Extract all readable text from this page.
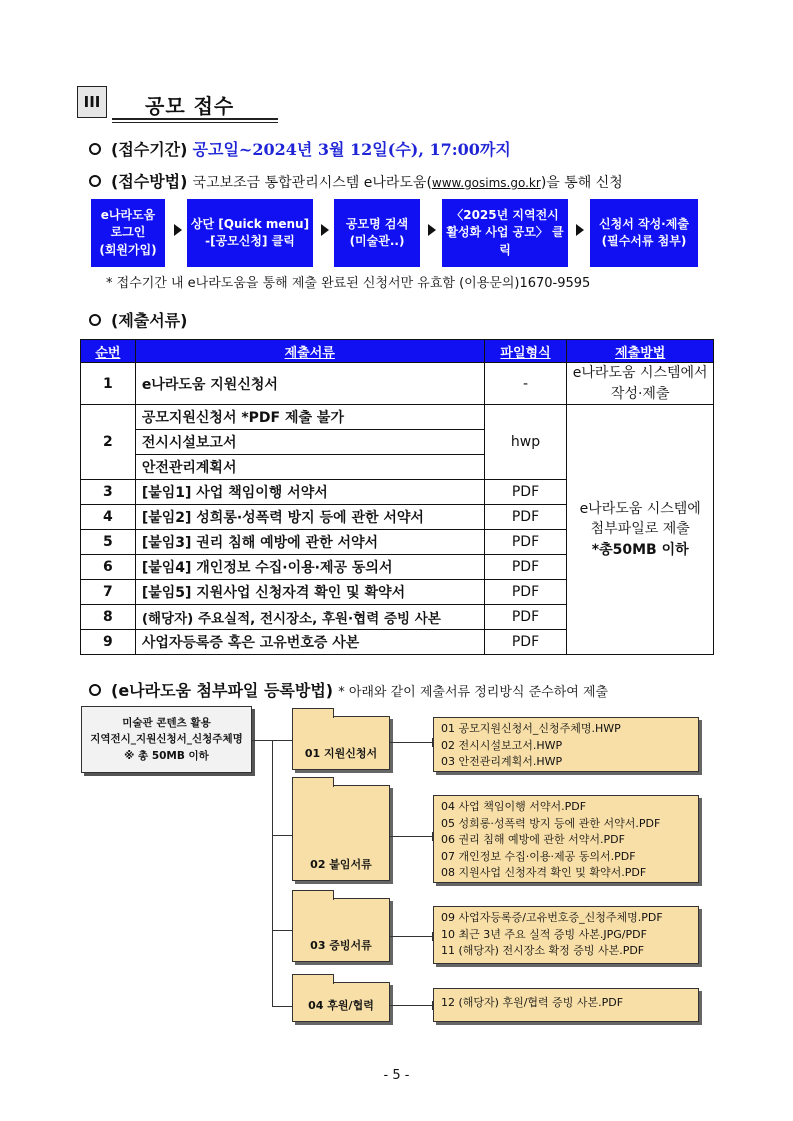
III	공모 접수
(접수기간) 공고일~2024년 3월 12일(수), 17:00까지
(접수방법) 국고보조금 통합관리시스템 e나라도움(www.gosims.go.kr)을 통해 신청
e나라도움
로그인
(회원가입)
상단 [Quick menu]
-[공모신청] 클릭
공모명 검색
(미술관..)
〈2025년 지역전시
활성화 사업 공모〉 클릭
신청서 작성·제출
(필수서류 첨부)
* 접수기간 내 e나라도움을 통해 제출 완료된 신청서만 유효함 (이용문의)1670-9595
(제출서류)
순번	제출서류	파일형식	제출방법
1	e나라도움 지원신청서	-	e나라도움 시스템에서
작성·제출

2	공모지원신청서 *PDF 제출 불가	hwp	e나라도움 시스템에
첨부파일로 제출
*총50MB 이하

	전시시설보고서		
	안전관리계획서		
3	[붙임1] 사업 책임이행 서약서	PDF	
4	[붙임2] 성희롱·성폭력 방지 등에 관한 서약서	PDF	
5	[붙임3] 권리 침해 예방에 관한 서약서	PDF	
6	[붙임4] 개인정보 수집·이용·제공 동의서	PDF	
7	[붙임5] 지원사업 신청자격 확인 및 확약서	PDF	
8	(해당자) 주요실적, 전시장소, 후원·협력 증빙 사본	PDF	
9	사업자등록증 혹은 고유번호증 사본	PDF	
(e나라도움 첨부파일 등록방법) * 아래와 같이 제출서류 정리방식 준수하여 제출
미술관 콘텐츠 활용
지역전시_지원신청서_신청주체명
※ 총 50MB 이하	01 지원신청서
01 공모지원신청서_신청주체명.HWP
02 전시시설보고서.HWP
03 안전관리계획서.HWP
02 붙임서류
04 사업 책임이행 서약서.PDF
05 성희롱·성폭력 방지 등에 관한 서약서.PDF
06 권리 침해 예방에 관한 서약서.PDF
07 개인정보 수집·이용·제공 동의서.PDF
08 지원사업 신청자격 확인 및 확약서.PDF
03 증빙서류
09 사업자등록증/고유번호증_신청주체명.PDF
10 최근 3년 주요 실적 증빙 사본.JPG/PDF
11 (해당자) 전시장소 확정 증빙 사본.PDF
04 후원/협력	12 (해당자) 후원/협력 증빙 사본.PDF
- 5 -
